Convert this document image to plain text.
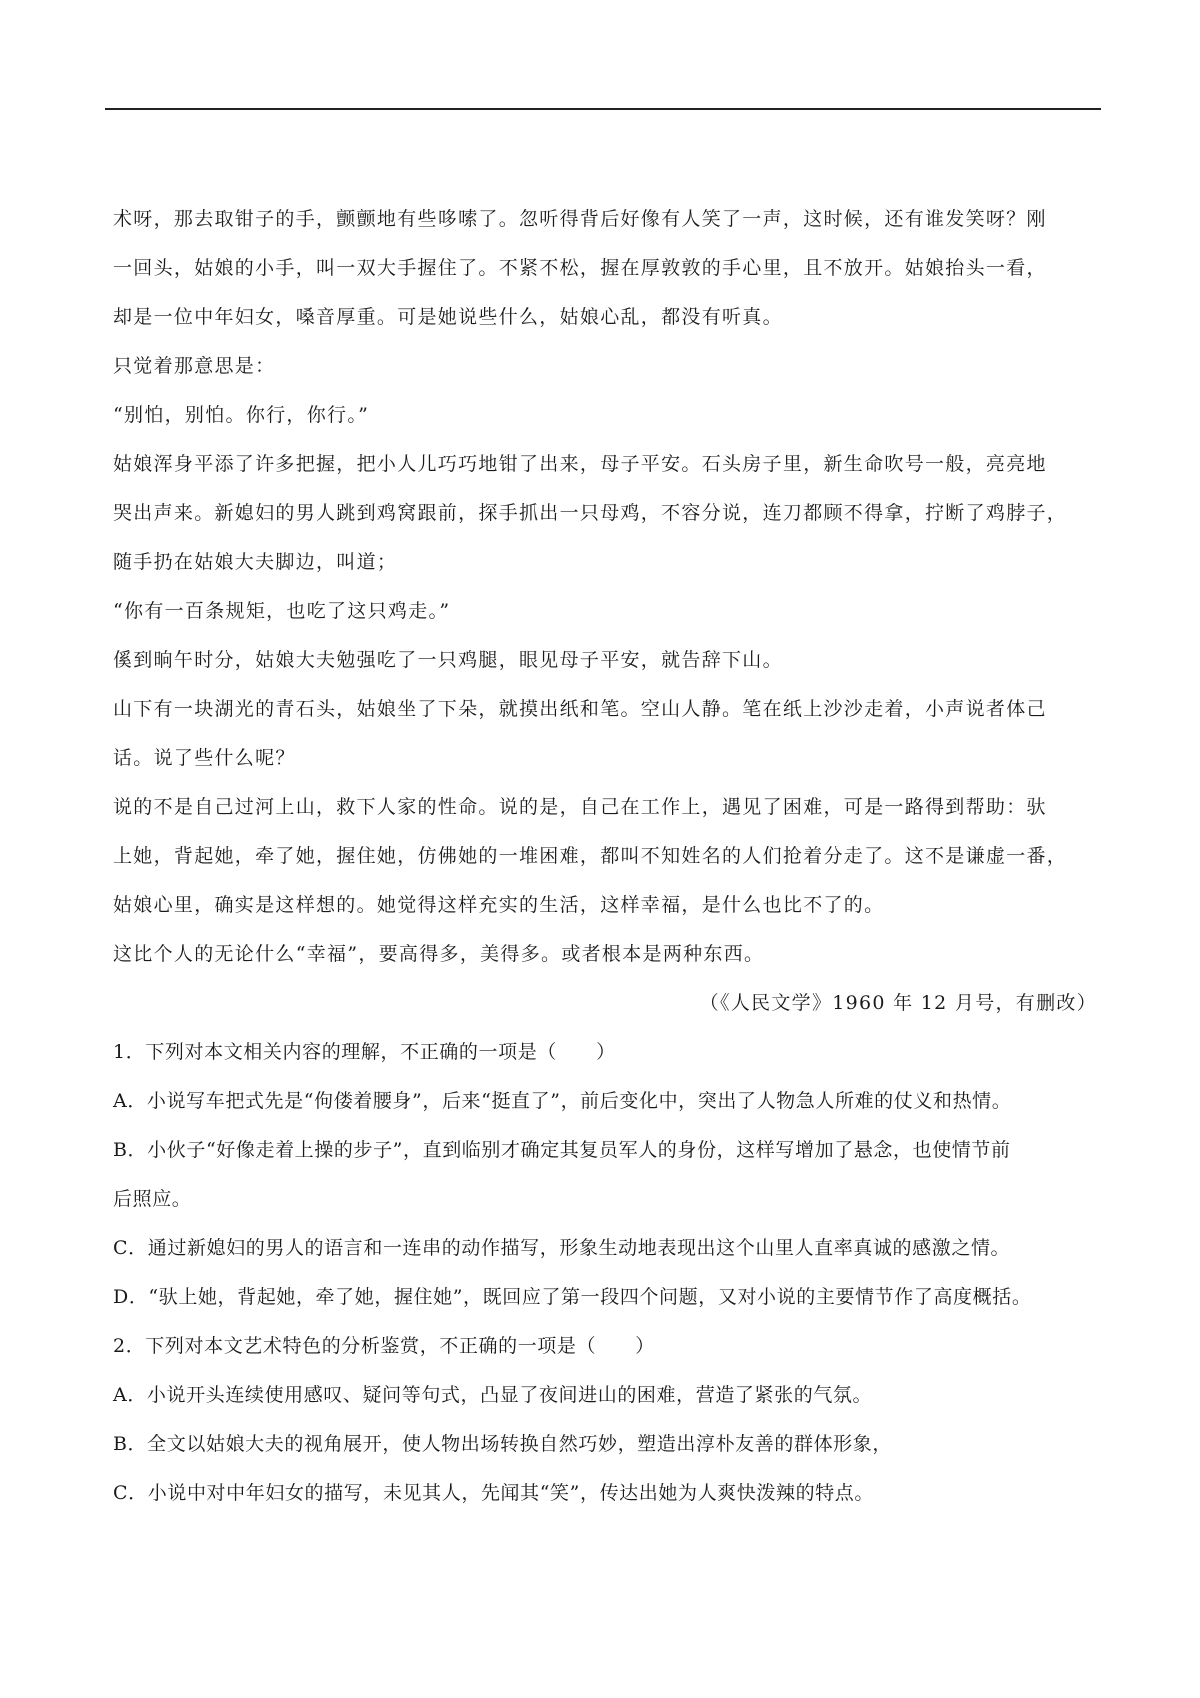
术呀，那去取钳子的手，颤颤地有些哆嗦了。忽听得背后好像有人笑了一声，这时候，还有谁发笑呀？刚
一回头，姑娘的小手，叫一双大手握住了。不紧不松，握在厚敦敦的手心里，且不放开。姑娘抬头一看，
却是一位中年妇女，嗓音厚重。可是她说些什么，姑娘心乱，都没有听真。
只觉着那意思是：
“别怕，别怕。你行，你行。”
姑娘浑身平添了许多把握，把小人儿巧巧地钳了出来，母子平安。石头房子里，新生命吹号一般，亮亮地
哭出声来。新媳妇的男人跳到鸡窝跟前，探手抓出一只母鸡，不容分说，连刀都顾不得拿，拧断了鸡脖子，
随手扔在姑娘大夫脚边，叫道；
“你有一百条规矩，也吃了这只鸡走。”
傒到晌午时分，姑娘大夫勉强吃了一只鸡腿，眼见母子平安，就告辞下山。
山下有一块湖光的青石头，姑娘坐了下朵，就摸出纸和笔。空山人静。笔在纸上沙沙走着，小声说者体己
话。说了些什么呢？
说的不是自己过河上山，救下人家的性命。说的是，自己在工作上，遇见了困难，可是一路得到帮助：驮
上她，背起她，牵了她，握住她，仿佛她的一堆困难，都叫不知姓名的人们抢着分走了。这不是谦虚一番，
姑娘心里，确实是这样想的。她觉得这样充实的生活，这样幸福，是什么也比不了的。
这比个人的无论什么“幸福”，要高得多，美得多。或者根本是两种东西。
（《人民文学》1960 年 12 月号，有删改）
1．下列对本文相关内容的理解，不正确的一项是（　　）
A．小说写车把式先是“佝偻着腰身”，后来“挺直了”，前后变化中，突出了人物急人所难的仗义和热情。
B．小伙子“好像走着上操的步子”，直到临别才确定其复员军人的身份，这样写增加了悬念，也使情节前
后照应。
C．通过新媳妇的男人的语言和一连串的动作描写，形象生动地表现出这个山里人直率真诚的感激之情。
D．“驮上她，背起她，牵了她，握住她”，既回应了第一段四个问题，又对小说的主要情节作了高度概括。
2．下列对本文艺术特色的分析鉴赏，不正确的一项是（　　）
A．小说开头连续使用感叹、疑问等句式，凸显了夜间进山的困难，营造了紧张的气氛。
B．全文以姑娘大夫的视角展开，使人物出场转换自然巧妙，塑造出淳朴友善的群体形象，
C．小说中对中年妇女的描写，未见其人，先闻其“笑”，传达出她为人爽快泼辣的特点。
